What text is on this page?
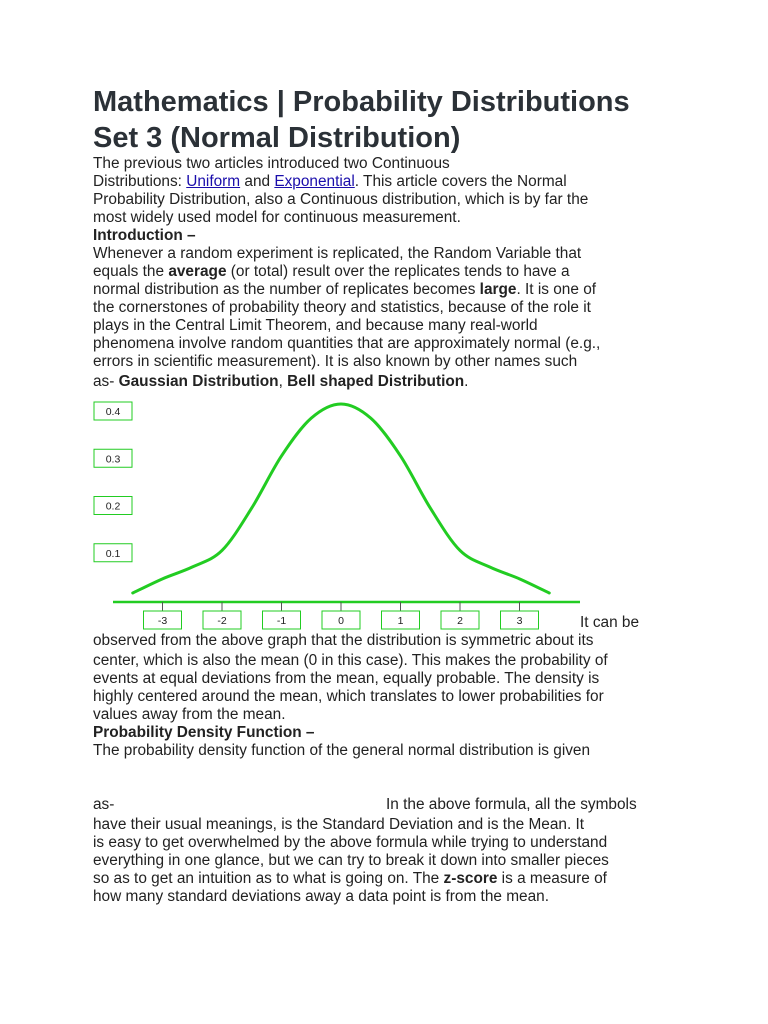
Mathematics | Probability Distributions
Set 3 (Normal Distribution)
The previous two articles introduced two Continuous
Distributions: Uniform and Exponential. This article covers the Normal
Probability Distribution, also a Continuous distribution, which is by far the
most widely used model for continuous measurement.
Introduction –
Whenever a random experiment is replicated, the Random Variable that
equals the average (or total) result over the replicates tends to have a
normal distribution as the number of replicates becomes large. It is one of
the cornerstones of probability theory and statistics, because of the role it
plays in the Central Limit Theorem, and because many real-world
phenomena involve random quantities that are approximately normal (e.g.,
errors in scientific measurement). It is also known by other names such
as- Gaussian Distribution, Bell shaped Distribution.
-3	-2	-1	0	1	2	3
0.4
0.3
0.2
0.1
It can be
observed from the above graph that the distribution is symmetric about its
center, which is also the mean (0 in this case). This makes the probability of
events at equal deviations from the mean, equally probable. The density is
highly centered around the mean, which translates to lower probabilities for
values away from the mean.
Probability Density Function –
The probability density function of the general normal distribution is given
as-	In the above formula, all the symbols
have their usual meanings, is the Standard Deviation and is the Mean. It
is easy to get overwhelmed by the above formula while trying to understand
everything in one glance, but we can try to break it down into smaller pieces
so as to get an intuition as to what is going on. The z-score is a measure of
how many standard deviations away a data point is from the mean.
